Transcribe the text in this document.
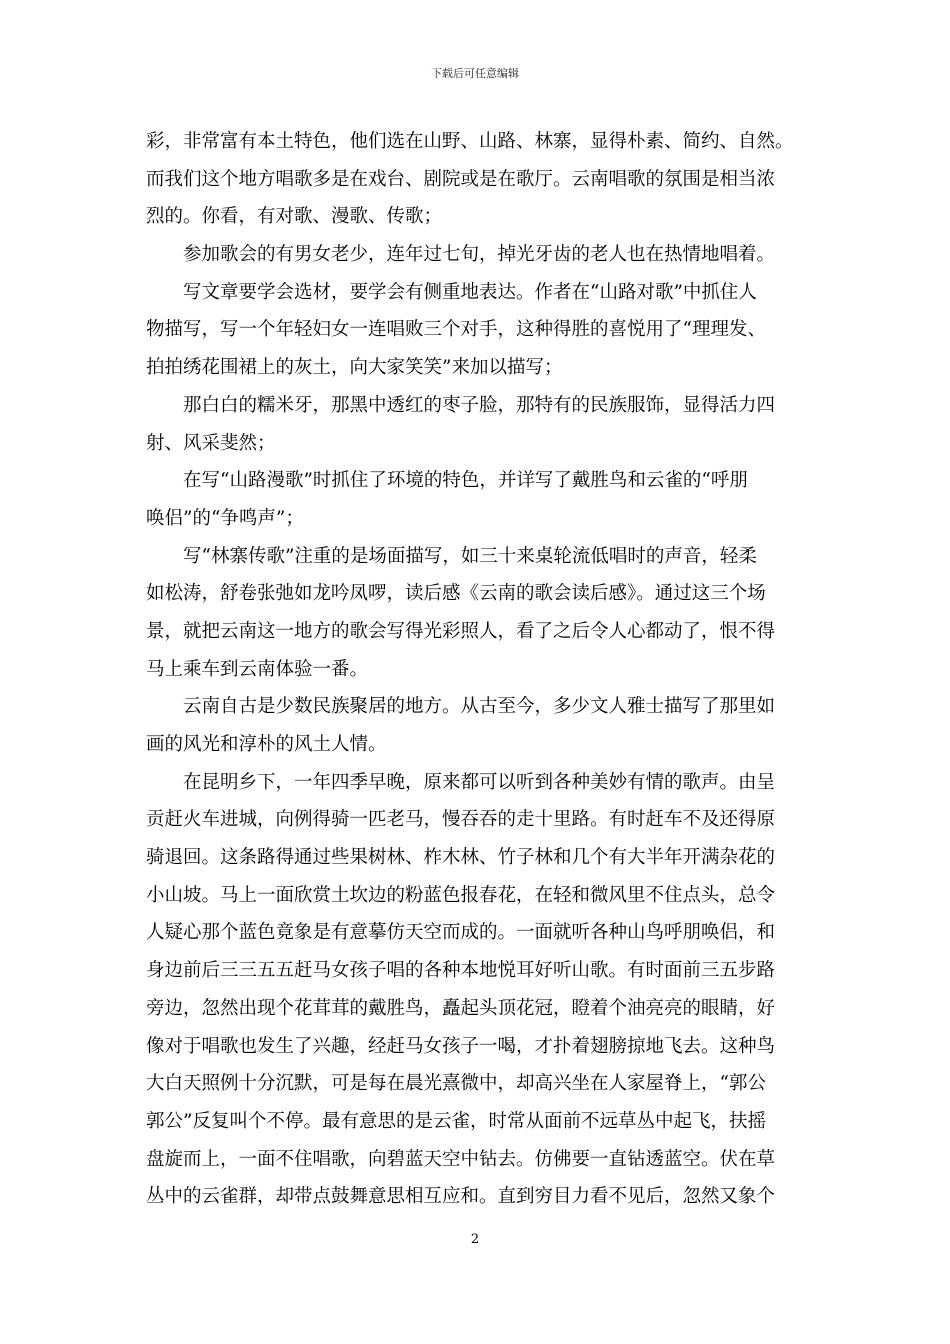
下载后可任意编辑
彩，非常富有本土特色，他们选在山野、山路、林寨，显得朴素、简约、自然。
而我们这个地方唱歌多是在戏台、剧院或是在歌厅。云南唱歌的氛围是相当浓
烈的。你看，有对歌、漫歌、传歌；
　　参加歌会的有男女老少，连年过七旬，掉光牙齿的老人也在热情地唱着。
　　写文章要学会选材，要学会有侧重地表达。作者在“山路对歌”中抓住人
物描写，写一个年轻妇女一连唱败三个对手，这种得胜的喜悦用了“理理发、
拍拍绣花围裙上的灰土，向大家笑笑”来加以描写；
　　那白白的糯米牙，那黑中透红的枣子脸，那特有的民族服饰，显得活力四
射、风采斐然；
　　在写“山路漫歌”时抓住了环境的特色，并详写了戴胜鸟和云雀的“呼朋
唤侣”的“争鸣声”；
　　写“林寨传歌”注重的是场面描写，如三十来桌轮流低唱时的声音，轻柔
如松涛，舒卷张弛如龙吟凤啰，读后感《云南的歌会读后感》。通过这三个场
景，就把云南这一地方的歌会写得光彩照人，看了之后令人心都动了，恨不得
马上乘车到云南体验一番。
　　云南自古是少数民族聚居的地方。从古至今，多少文人雅士描写了那里如
画的风光和淳朴的风土人情。
　　在昆明乡下，一年四季早晚，原来都可以听到各种美妙有情的歌声。由呈
贡赶火车进城，向例得骑一匹老马，慢吞吞的走十里路。有时赶车不及还得原
骑退回。这条路得通过些果树林、柞木林、竹子林和几个有大半年开满杂花的
小山坡。马上一面欣赏土坎边的粉蓝色报春花，在轻和微风里不住点头，总令
人疑心那个蓝色竟象是有意摹仿天空而成的。一面就听各种山鸟呼朋唤侣，和
身边前后三三五五赶马女孩子唱的各种本地悦耳好听山歌。有时面前三五步路
旁边，忽然出现个花茸茸的戴胜鸟，矗起头顶花冠，瞪着个油亮亮的眼睛，好
像对于唱歌也发生了兴趣，经赶马女孩子一喝，才扑着翅膀掠地飞去。这种鸟
大白天照例十分沉默，可是每在晨光熹微中，却高兴坐在人家屋脊上，“郭公
郭公”反复叫个不停。最有意思的是云雀，时常从面前不远草丛中起飞，扶摇
盘旋而上，一面不住唱歌，向碧蓝天空中钻去。仿佛要一直钻透蓝空。伏在草
丛中的云雀群，却带点鼓舞意思相互应和。直到穷目力看不见后，忽然又象个
2
